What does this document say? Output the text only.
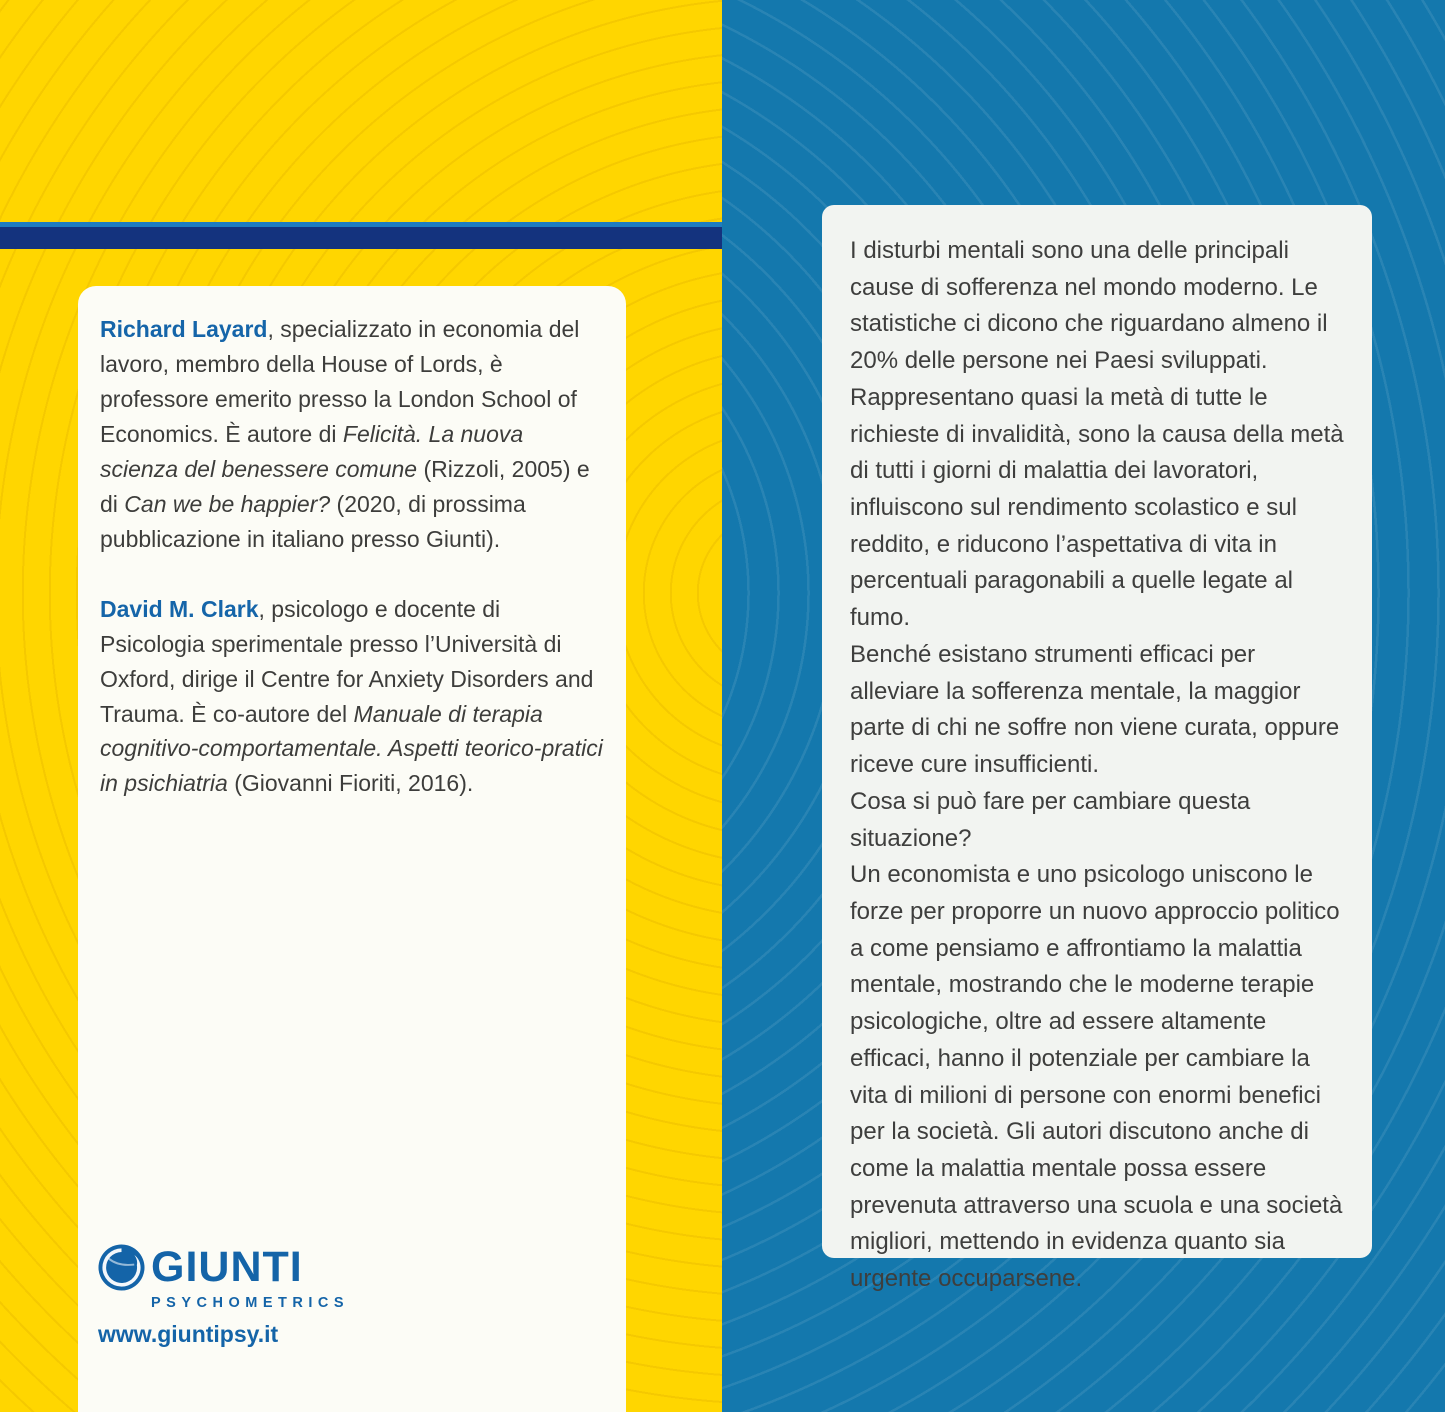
Richard Layard, specializzato in economia del lavoro, membro della House of Lords, è professore emerito presso la London School of Economics. È autore di Felicità. La nuova scienza del benessere comune (Rizzoli, 2005) e di Can we be happier? (2020, di prossima pubblicazione in italiano presso Giunti).

David M. Clark, psicologo e docente di Psicologia sperimentale presso l’Università di Oxford, dirige il Centre for Anxiety Disorders and Trauma. È co-autore del Manuale di terapia cognitivo-comportamentale. Aspetti teorico-pratici in psichiatria (Giovanni Fioriti, 2016).

GIUNTI
PSYCHOMETRICS
www.giuntipsy.it

I disturbi mentali sono una delle principali cause di sofferenza nel mondo moderno. Le statistiche ci dicono che riguardano almeno il 20% delle persone nei Paesi sviluppati. Rappresentano quasi la metà di tutte le richieste di invalidità, sono la causa della metà di tutti i giorni di malattia dei lavoratori, influiscono sul rendimento scolastico e sul reddito, e riducono l’aspettativa di vita in percentuali paragonabili a quelle legate al fumo.

Benché esistano strumenti efficaci per alleviare la sofferenza mentale, la maggior parte di chi ne soffre non viene curata, oppure riceve cure insufficienti.

Cosa si può fare per cambiare questa situazione?

Un economista e uno psicologo uniscono le forze per proporre un nuovo approccio politico a come pensiamo e affrontiamo la malattia mentale, mostrando che le moderne terapie psicologiche, oltre ad essere altamente efficaci, hanno il potenziale per cambiare la vita di milioni di persone con enormi benefici per la società. Gli autori discutono anche di come la malattia mentale possa essere prevenuta attraverso una scuola e una società migliori, mettendo in evidenza quanto sia urgente occuparsene.
